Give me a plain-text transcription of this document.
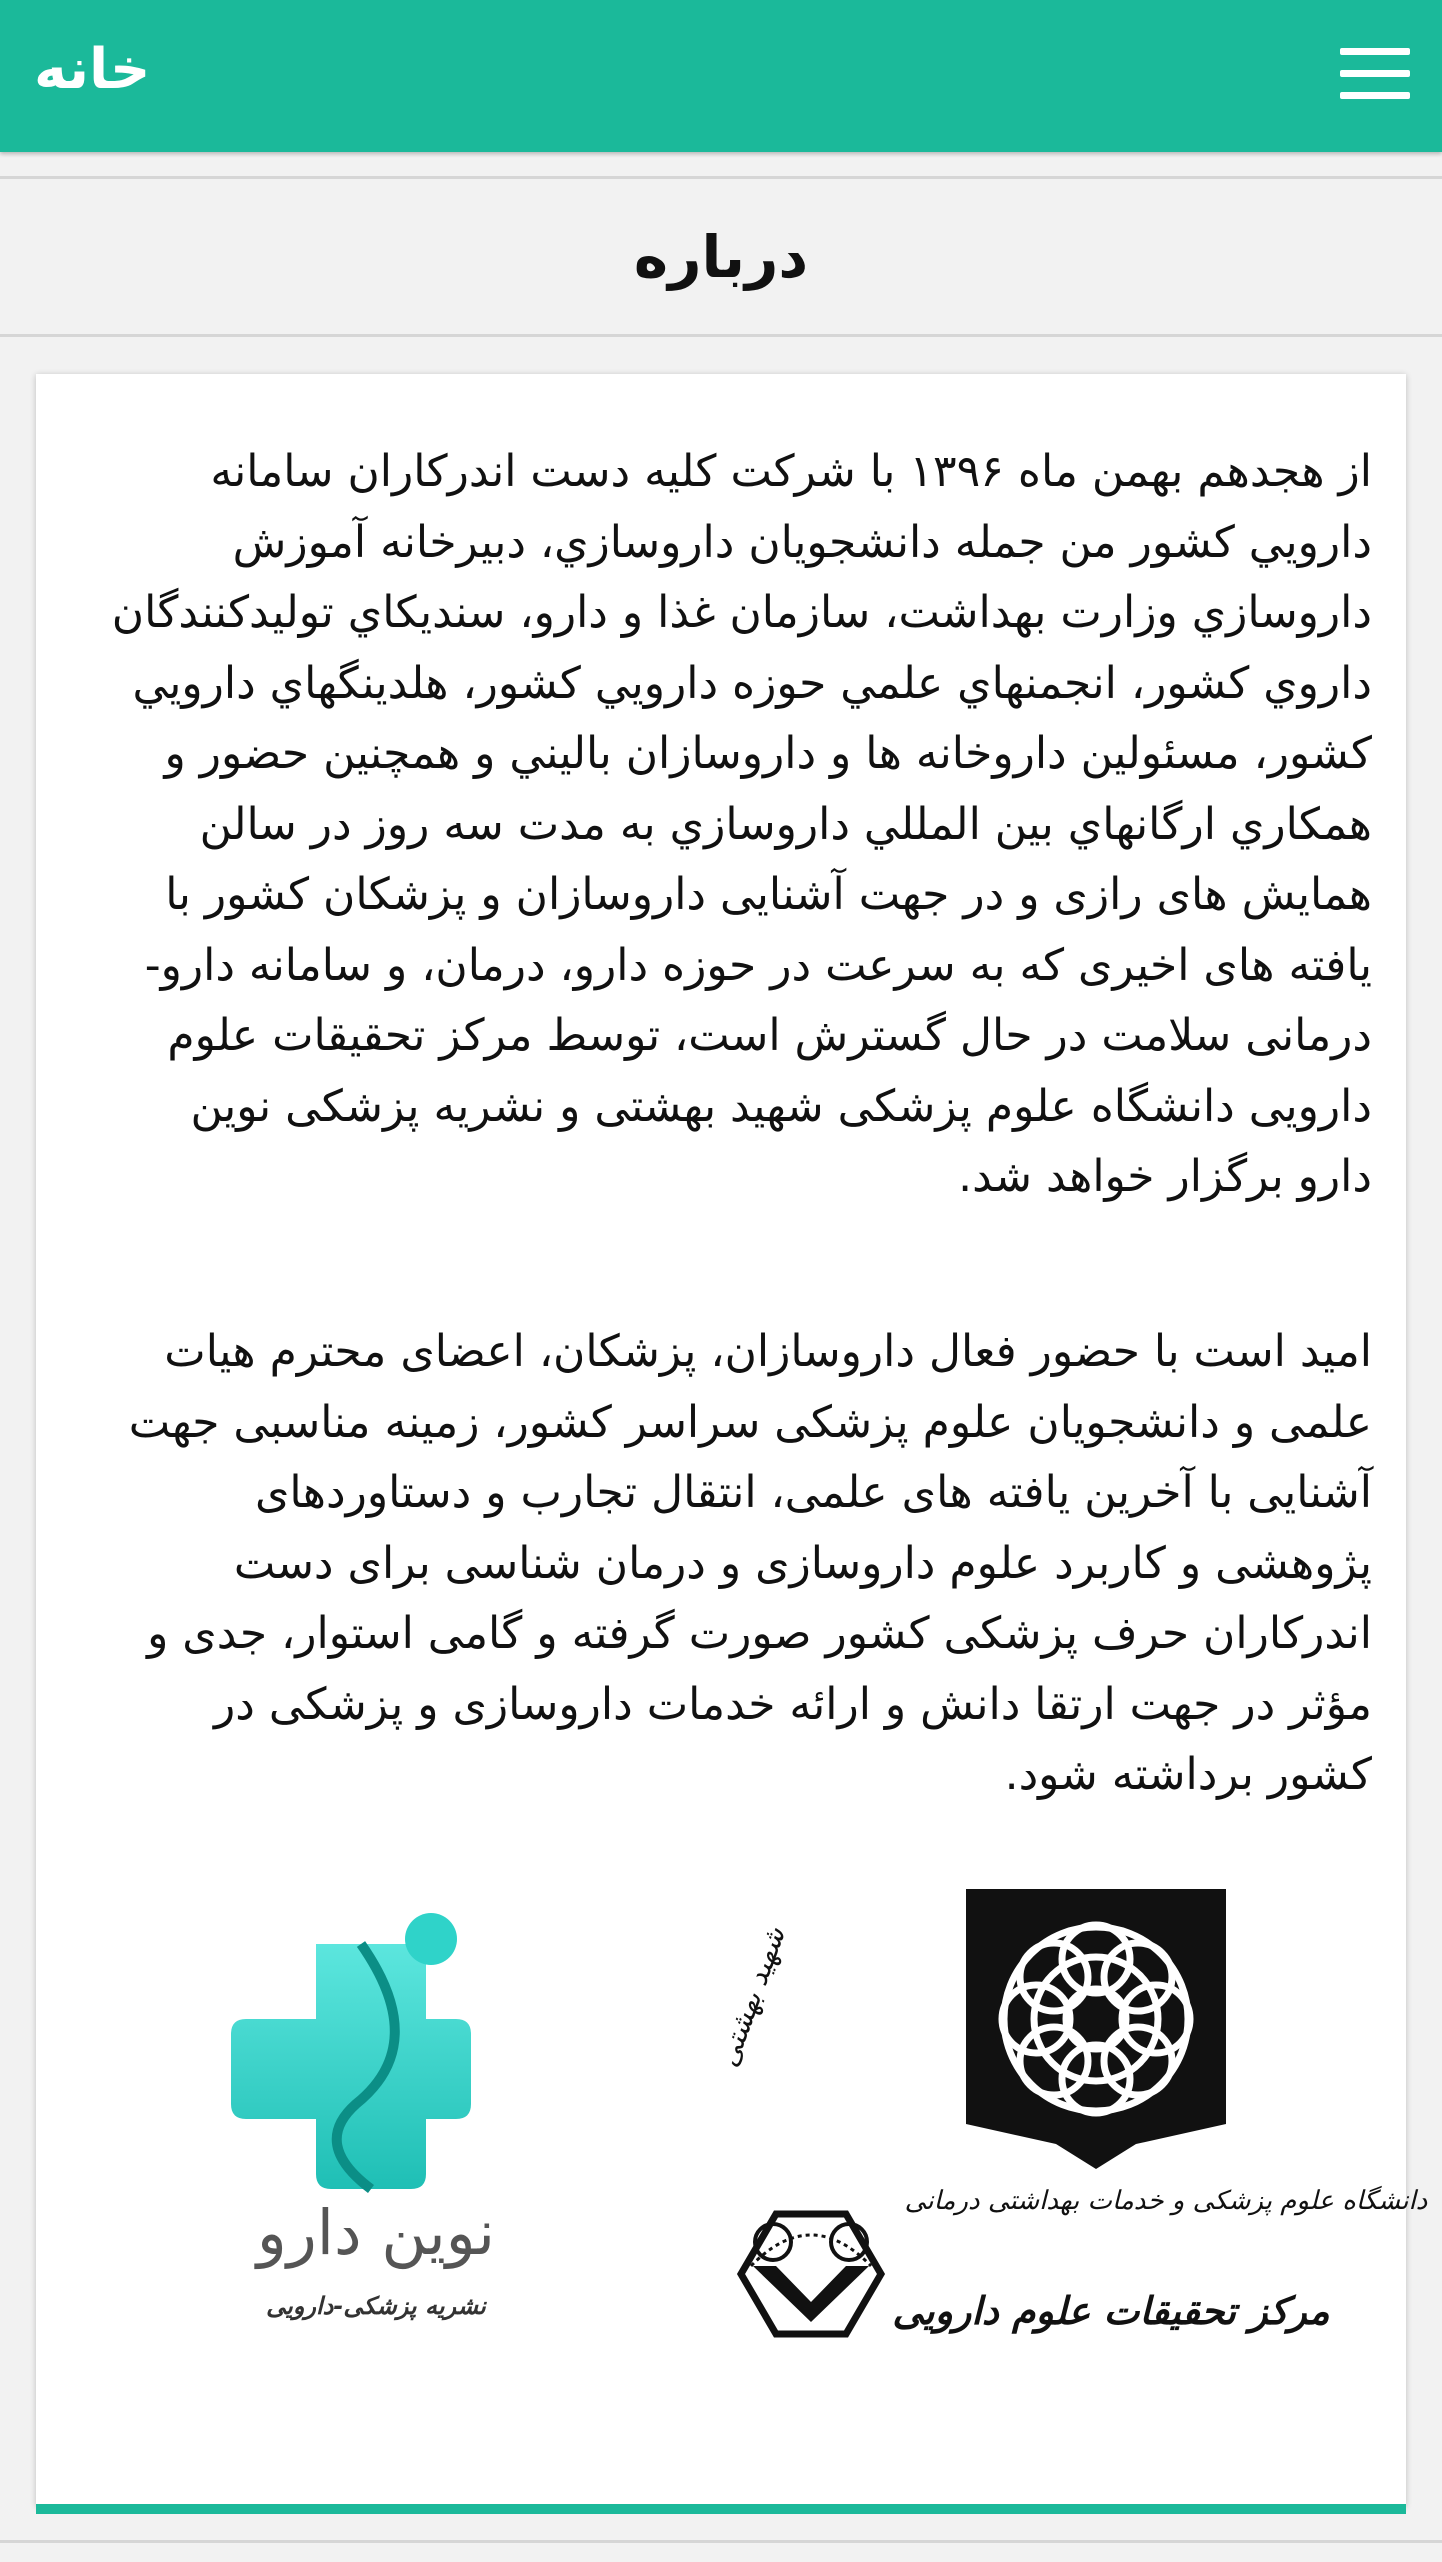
خانه
درباره

از هجدهم بهمن ماه ۱۳۹۶ با شرکت کلیه دست اندرکاران سامانه دارويي کشور من جمله دانشجويان داروسازي، دبيرخانه آموزش داروسازي وزارت بهداشت، سازمان غذا و دارو، سنديکاي توليدکنندگان داروي کشور، انجمنهاي علمي حوزه دارويي کشور، هلدينگهاي دارويي کشور، مسئولين داروخانه ها و داروسازان باليني و همچنين حضور و همکاري ارگانهاي بين المللي داروسازي به مدت سه روز در سالن همایش های رازی و در جهت آشنایی داروسازان و پزشکان کشور با یافته های اخیری که به سرعت در حوزه دارو، درمان، و سامانه دارو-درمانی سلامت در حال گسترش است، توسط مرکز تحقیقات علوم دارویی دانشگاه علوم پزشکی شهید بهشتی و نشریه پزشکی نوین دارو برگزار خواهد شد.

امید است با حضور فعال داروسازان، پزشکان، اعضای محترم هیات علمی و دانشجویان علوم پزشکی سراسر کشور، زمینه مناسبی جهت آشنایی با آخرین یافته های علمی، انتقال تجارب و دستاوردهای پژوهشی و کاربرد علوم داروسازی و درمان شناسی برای دست اندرکاران حرف پزشکی کشور صورت گرفته و گامی استوار، جدی و مؤثر در جهت ارتقا دانش و ارائه خدمات داروسازی و پزشکی در کشور برداشته شود.

دانشگاه علوم پزشکی و خدمات بهداشتی درمانی
شهید بهشتی
مرکز تحقیقات علوم دارویی
نوین دارو
نشریه پزشکی-دارویی
